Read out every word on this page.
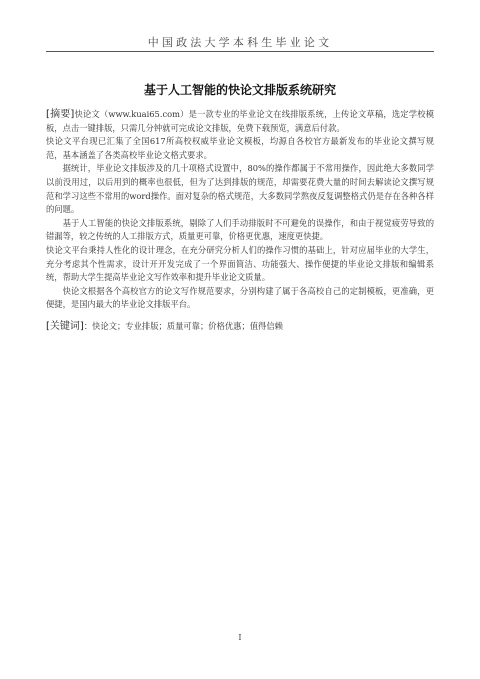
中国政法大学本科生毕业论文
基于人工智能的快论文排版系统研究

[摘要]快论文（www.kuai65.com）是一款专业的毕业论文在线排版系统，上传论文草稿，选定学校模板，点击一键排版，只需几分钟就可完成论文排版，免费下载预览，满意后付款。

快论文平台现已汇集了全国617所高校权威毕业论文模板，均源自各校官方最新发布的毕业论文撰写规范，基本涵盖了各类高校毕业论文格式要求。

据统计，毕业论文排版涉及的几十项格式设置中，80%的操作都属于不常用操作，因此绝大多数同学以前没用过，以后用到的概率也很低，但为了达到排版的规范，却需要花费大量的时间去解读论文撰写规范和学习这些不常用的word操作。面对复杂的格式规范，大多数同学熬夜反复调整格式仍是存在各种各样的问题。

基于人工智能的快论文排版系统，剔除了人们手动排版时不可避免的误操作，和由于视觉疲劳导致的错漏等，较之传统的人工排版方式，质量更可靠，价格更优惠，速度更快捷。

快论文平台秉持人性化的设计理念，在充分研究分析人们的操作习惯的基础上，针对应届毕业的大学生，充分考虑其个性需求，设计开开发完成了一个界面简洁、功能强大、操作便捷的毕业论文排版和编辑系统，帮助大学生提高毕业论文写作效率和提升毕业论文质量。

快论文根据各个高校官方的论文写作规范要求，分别构建了属于各高校自己的定制模板，更准确，更便捷，是国内最大的毕业论文排版平台。

[关键词]：快论文；专业排版；质量可靠；价格优惠；值得信赖

I
